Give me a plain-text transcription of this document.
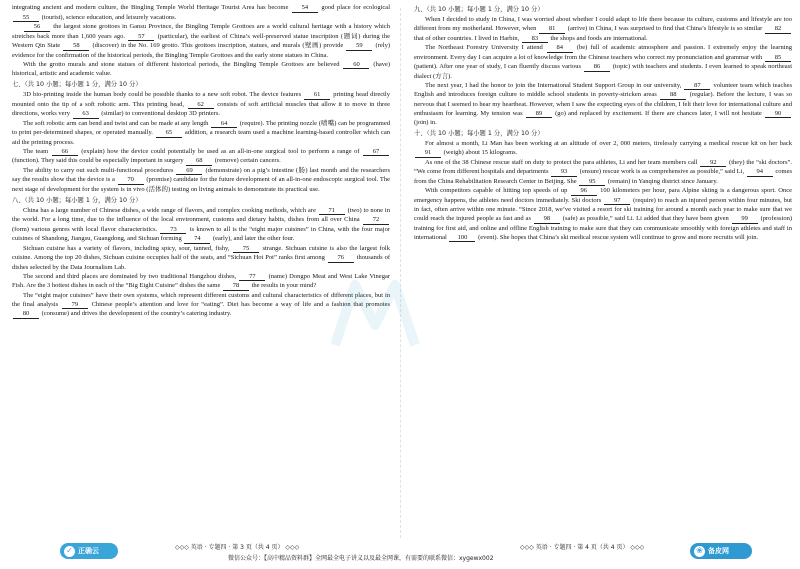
integrating ancient and modern culture, the Bingling Temple World Heritage Tourist Area has become 54 good place for ecological 55 (tourist), science education, and leisurely vacations.

56 the largest stone grottoes in Gansu Province, the Bingling Temple Grottoes are a world cultural heritage with a history which stretches back more than 1,600 years ago. 57 (particular), the earliest of China’s well-preserved statue inscription (题词) during the Western Qin State 58 (discover) in the No. 169 grotto. This grottoes inscription, statues, and murals (壁画) provide 59 (rely) evidence for the confirmation of the historical periods, the Bingling Temple Grottoes and the early stone statues in China.

With the grotto murals and stone statues of different historical periods, the Bingling Temple Grottoes are believed 60 (have) historical, artistic and academic value.

七、（共 10 小题；每小题 1 分，满分 10 分）

3D bio-printing inside the human body could be possible thanks to a new soft robot. The device features 61 printing head directly mounted onto the tip of a soft robotic arm. This printing head, 62 consists of soft artificial muscles that allow it to move in three directions, works very 63 (similar) to conventional desktop 3D printers.

The soft robotic arm can bend and twist and can be made at any length 64 (require). The printing nozzle (喷嘴) can be programmed to print per-determined shapes, or operated manually. 65 addition, a research team used a machine learning-based controller which can aid the printing process.

The team 66 (explain) how the device could potentially be used as an all-in-one surgical tool to perform a range of 67 (function). They said this could be especially important in surgery 68 (remove) certain cancers.

The ability to carry out such multi-functional procedures 69 (demonstrate) on a pig’s intestine (肠) last month and the researchers say the results show that the device is a 70 (promise) candidate for the future development of an all-in-one endoscopic surgical tool. The next stage of development for the system is in vivo (活体的) testing on living animals to demonstrate its practical use.

八、（共 10 小题；每小题 1 分，满分 10 分）

China has a large number of Chinese dishes, a wide range of flavors, and complex cooking methods, which are 71 (two) to none in the world. For a long time, due to the influence of the local environment, customs and dietary habits, dishes from all over China 72 (form) various genres with local flavor characteristics. 73 is known to all is the “eight major cuisines” in China, with the four major cuisines of Shandong, Jiangsu, Guangdong, and Sichuan forming 74 (early), and later the other four.

Sichuan cuisine has a variety of flavors, including spicy, sour, tanned, fishy, 75 strange. Sichuan cuisine is also the largest folk cuisine. Among the top 20 dishes, Sichuan cuisine occupies half of the seats, and “Sichuan Hot Pot” ranks first among 76 thousands of dishes selected by the Data Journalism Lab.

The second and third places are dominated by two traditional Hangzhou dishes, 77 (name) Dongpo Meat and West Lake Vinegar Fish. Are the 3 hottest dishes in each of the “Big Eight Cuisine” dishes the same 78 the results in your mind?

The “eight major cuisines” have their own systems, which represent different customs and cultural characteristics of different places, but in the final analysis 79 Chinese people’s attention and love for “eating”. Diet has become a way of life and a fashion that promotes 80 (consume) and drives the development of the country’s catering industry.

九、（共 10 小题；每小题 1 分，满分 10 分）

When I decided to study in China, I was worried about whether I could adapt to life there because its culture, customs and lifestyle are too different from my motherland. However, when 81 (arrive) in China, I was surprised to find that China’s lifestyle is so similar 82 that of other countries. I lived in Harbin, 83 the shops and foods are international.

The Northeast Forestry University I attend 84 (be) full of academic atmosphere and passion. I extremely enjoy the learning environment. Every day I can acquire a lot of knowledge from the Chinese teachers who correct my pronunciation and grammar with 85 (patient). After one year of study, I can fluently discuss various 86 (topic) with teachers and students. I even learned to speak northeast dialect (方言).

The next year, I had the honor to join the International Student Support Group in our university, 87 volunteer team which teaches English and introduces foreign culture to middle school students in poverty-stricken areas 88 (regular). Before the lecture, I was so nervous that I seemed to hear my heartbeat. However, when I saw the expecting eyes of the children, I felt their love for international culture and enthusiasm for learning. My tension was 89 (go) and replaced by excitement. If there are chances later, I will not hesitate 90 (join) in.

十、（共 10 小题；每小题 1 分，满分 10 分）

For almost a month, Li Man has been working at an altitude of over 2, 000 meters, tirelessly carrying a medical rescue kit on her back 91 (weigh) about 15 kilograms.

As one of the 38 Chinese rescue staff on duty to protect the para athletes, Li and her team members call 92 (they) the “ski doctors”. “We come from different hospitals and departments 93 (ensure) rescue work is as comprehensive as possible,” said Li, 94 comes from the China Rehabilitation Research Center in Beijing. She 95 (remain) in Yanqing district since January.

With competitors capable of hitting top speeds of up 96 100 kilometers per hour, para Alpine skiing is a dangerous sport. Once emergency happens, the athletes need doctors immediately. Ski doctors 97 (require) to reach an injured person within four minutes, but in fact, often arrive within one minute. “Since 2018, we’ve visited a resort for ski training for around a month each year to make sure that we could reach the injured people as fast and as 98 (safe) as possible,” said Li. Li added that they have been given 99 (profession) training for first aid, and online and offline English training to make sure that they can communicate smoothly with foreign athletes and staff in international 100 (event). She hopes that China’s ski medical rescue system will continue to grow and more recruits will join.

✓ 正确云	◇◇◇ 英语 · 专题四 · 第 3 页（共 4 页） ◇◇◇	◇◇◇ 英语 · 专题四 · 第 4 页（共 4 页） ◇◇◇
微信公众号：【高中精品资料群】全网最全电子讲义以及最全网课，有需要的联系微信：xygewx002
❀ 备皮网
